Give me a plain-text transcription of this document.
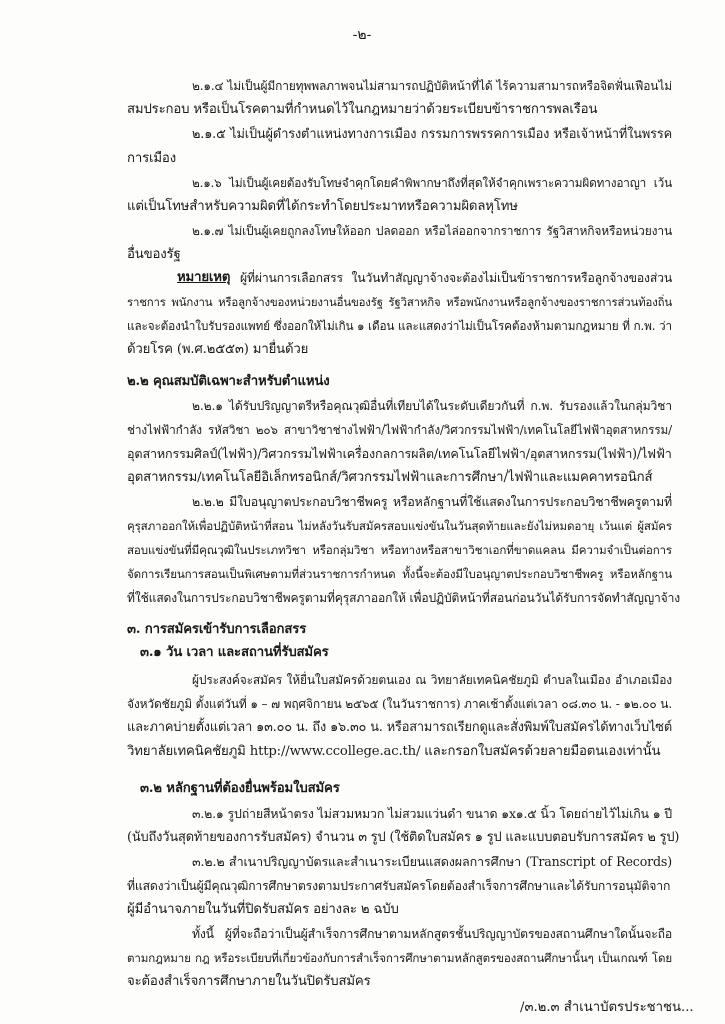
-๒-
๒.๑.๔ ไม่เป็นผู้มีกายทุพพลภาพจนไม่สามารถปฏิบัติหน้าที่ได้ ไร้ความสามารถหรือจิตฟั่นเฟือนไม่
สมประกอบ หรือเป็นโรคตามที่กำหนดไว้ในกฎหมายว่าด้วยระเบียบข้าราชการพลเรือน
๒.๑.๕ ไม่เป็นผู้ดำรงตำแหน่งทางการเมือง กรรมการพรรคการเมือง หรือเจ้าหน้าที่ในพรรค
การเมือง
๒.๑.๖ ไม่เป็นผู้เคยต้องรับโทษจำคุกโดยคำพิพากษาถึงที่สุดให้จำคุกเพราะความผิดทางอาญา เว้น
แต่เป็นโทษสำหรับความผิดที่ได้กระทำโดยประมาทหรือความผิดลหุโทษ
๒.๑.๗ ไม่เป็นผู้เคยถูกลงโทษให้ออก ปลดออก หรือไล่ออกจากราชการ รัฐวิสาหกิจหรือหน่วยงาน
อื่นของรัฐ
หมายเหตุ ผู้ที่ผ่านการเลือกสรร ในวันทำสัญญาจ้างจะต้องไม่เป็นข้าราชการหรือลูกจ้างของส่วน
ราชการ พนักงาน หรือลูกจ้างของหน่วยงานอื่นของรัฐ รัฐวิสาหกิจ หรือพนักงานหรือลูกจ้างของราชการส่วนท้องถิ่น
และจะต้องนำใบรับรองแพทย์ ซึ่งออกให้ไม่เกิน ๑ เดือน และแสดงว่าไม่เป็นโรคต้องห้ามตามกฎหมาย ที่ ก.พ. ว่า
ด้วยโรค (พ.ศ.๒๕๕๓) มายื่นด้วย
๒.๒ คุณสมบัติเฉพาะสำหรับตำแหน่ง
๒.๒.๑ ได้รับปริญญาตรีหรือคุณวุฒิอื่นที่เทียบได้ในระดับเดียวกันที่ ก.พ. รับรองแล้วในกลุ่มวิชา
ช่างไฟฟ้ากำลัง รหัสวิชา ๒๐๖ สาขาวิชาช่างไฟฟ้า/ไฟฟ้ากำลัง/วิศวกรรมไฟฟ้า/เทคโนโลยีไฟฟ้าอุตสาหกรรม/
อุตสาหกรรมศิลป์(ไฟฟ้า)/วิศวกรรมไฟฟ้าเครื่องกลการผลิต/เทคโนโลยีไฟฟ้า/อุตสาหกรรม(ไฟฟ้า)/ไฟฟ้า
อุตสาหกรรม/เทคโนโลยีอิเล็กทรอนิกส์/วิศวกรรมไฟฟ้าและการศึกษา/ไฟฟ้าและแมคคาทรอนิกส์
๒.๒.๒ มีใบอนุญาตประกอบวิชาชีพครู หรือหลักฐานที่ใช้แสดงในการประกอบวิชาชีพครูตามที่
คุรุสภาออกให้เพื่อปฏิบัติหน้าที่สอน ไม่หลังวันรับสมัครสอบแข่งขันในวันสุดท้ายและยังไม่หมดอายุ เว้นแต่ ผู้สมัคร
สอบแข่งขันที่มีคุณวุฒิในประเภทวิชา หรือกลุ่มวิชา หรือทางหรือสาขาวิชาเอกที่ขาดแคลน มีความจำเป็นต่อการ
จัดการเรียนการสอนเป็นพิเศษตามที่ส่วนราชการกำหนด ทั้งนี้จะต้องมีใบอนุญาตประกอบวิชาชีพครู หรือหลักฐาน
ที่ใช้แสดงในการประกอบวิชาชีพครูตามที่คุรุสภาออกให้ เพื่อปฏิบัติหน้าที่สอนก่อนวันได้รับการจัดทำสัญญาจ้าง
๓. การสมัครเข้ารับการเลือกสรร
๓.๑ วัน เวลา และสถานที่รับสมัคร
ผู้ประสงค์จะสมัคร ให้ยื่นใบสมัครด้วยตนเอง ณ วิทยาลัยเทคนิคชัยภูมิ ตำบลในเมือง อำเภอเมือง
จังหวัดชัยภูมิ ตั้งแต่วันที่ ๑ – ๗ พฤศจิกายน ๒๕๖๕ (ในวันราชการ) ภาคเช้าตั้งแต่เวลา ๐๘.๓๐ น. - ๑๒.๐๐ น.
และภาคบ่ายตั้งแต่เวลา ๑๓.๐๐ น. ถึง ๑๖.๓๐ น. หรือสามารถเรียกดูและสั่งพิมพ์ใบสมัครได้ทางเว็บไซต์
วิทยาลัยเทคนิคชัยภูมิ http://www.ccollege.ac.th/ และกรอกใบสมัครด้วยลายมือตนเองเท่านั้น
๓.๒ หลักฐานที่ต้องยื่นพร้อมใบสมัคร
๓.๒.๑ รูปถ่ายสีหน้าตรง ไม่สวมหมวก ไม่สวมแว่นดำ ขนาด ๑x๑.๕ นิ้ว โดยถ่ายไว้ไม่เกิน ๑ ปี
(นับถึงวันสุดท้ายของการรับสมัคร) จำนวน ๓ รูป (ใช้ติดใบสมัคร ๑ รูป และแบบตอบรับการสมัคร ๒ รูป)
๓.๒.๒ สำเนาปริญญาบัตรและสำเนาระเบียนแสดงผลการศึกษา (Transcript of Records)
ที่แสดงว่าเป็นผู้มีคุณวุฒิการศึกษาตรงตามประกาศรับสมัครโดยต้องสำเร็จการศึกษาและได้รับการอนุมัติจาก
ผู้มีอำนาจภายในวันที่ปิดรับสมัคร อย่างละ ๒ ฉบับ
ทั้งนี้ ผู้ที่จะถือว่าเป็นผู้สำเร็จการศึกษาตามหลักสูตรชั้นปริญญาบัตรของสถานศึกษาใดนั้นจะถือ
ตามกฎหมาย กฎ หรือระเบียบที่เกี่ยวข้องกับการสำเร็จการศึกษาตามหลักสูตรของสถานศึกษานั้นๆ เป็นเกณฑ์ โดย
จะต้องสำเร็จการศึกษาภายในวันปิดรับสมัคร
/๓.๒.๓ สำเนาบัตรประชาชน...
